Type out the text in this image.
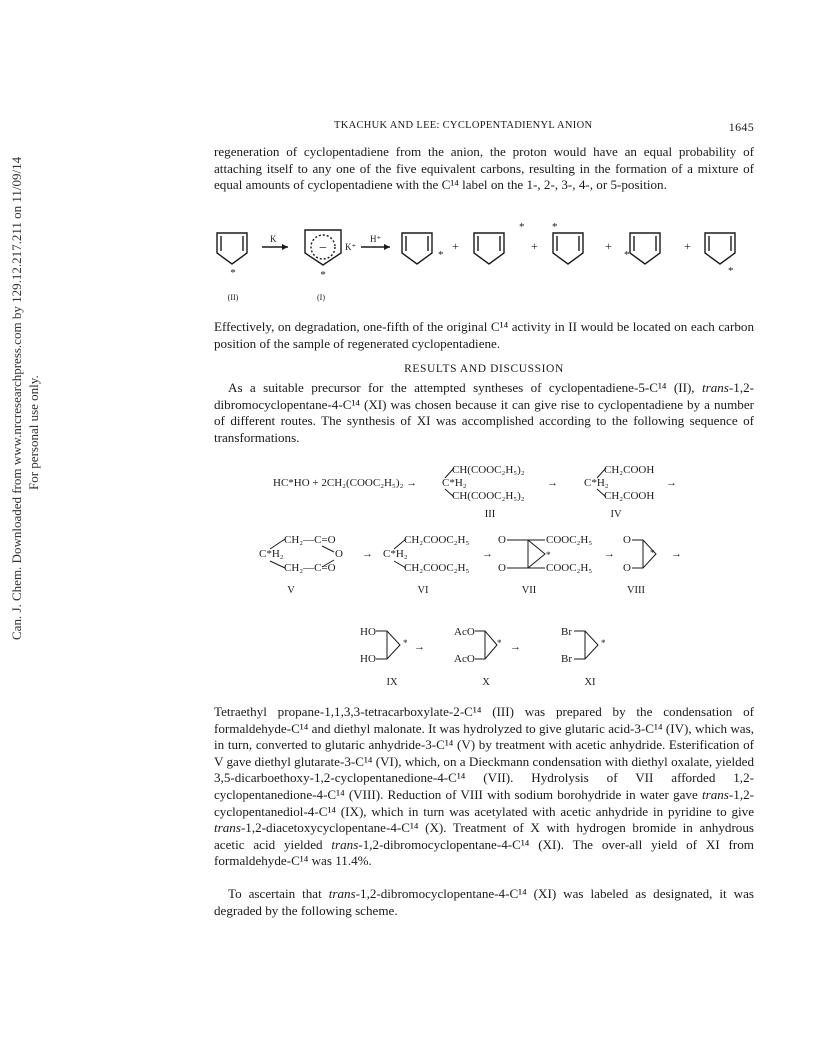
Can. J. Chem. Downloaded from www.nrcresearchpress.com by 129.12.217.211 on 11/09/14 For personal use only.
TKACHUK AND LEE: CYCLOPENTADIENYL ANION	1645

regeneration of cyclopentadiene from the anion, the proton would have an equal probability of attaching itself to any one of the five equivalent carbons, resulting in the formation of a mixture of equal amounts of cyclopentadiene with the C¹⁴ label on the 1-, 2-, 3-, 4-, or 5-position.

*	*
*
*	*
*
*
K	H⁺
K⁺
−	+	+	+	+
(II)	(I)

Effectively, on degradation, one-fifth of the original C¹⁴ activity in II would be located on each carbon position of the sample of regenerated cyclopentadiene.

RESULTS AND DISCUSSION

As a suitable precursor for the attempted syntheses of cyclopentadiene-5-C¹⁴ (II), trans-1,2-dibromocyclopentane-4-C¹⁴ (XI) was chosen because it can give rise to cyclopentadiene by a number of different routes. The synthesis of XI was accomplished according to the following sequence of transformations.

HC*HO + 2CH₂(COOC₂H₅)₂ →
CH(COOC₂H₅)₂
C*H₂
CH(COOC₂H₅)₂
→
CH₂COOH
C*H₂
CH₂COOH
→
III	IV
CH₂—C=O
C*H₂	O
CH₂—C=O
→
CH₂COOC₂H₅
C*H₂
CH₂COOC₂H₅
→
O
O
COOC₂H₅
COOC₂H₅
*	→
O
O
* →
V	VI	VII	VIII
HO
HO
* →
AcO
AcO
* →
Br
Br
*
IX	X	XI

Tetraethyl propane-1,1,3,3-tetracarboxylate-2-C¹⁴ (III) was prepared by the condensation of formaldehyde-C¹⁴ and diethyl malonate. It was hydrolyzed to give glutaric acid-3-C¹⁴ (IV), which was, in turn, converted to glutaric anhydride-3-C¹⁴ (V) by treatment with acetic anhydride. Esterification of V gave diethyl glutarate-3-C¹⁴ (VI), which, on a Dieckmann condensation with diethyl oxalate, yielded 3,5-dicarboethoxy-1,2-cyclopentanedione-4-C¹⁴ (VII). Hydrolysis of VII afforded 1,2-cyclopentanedione-4-C¹⁴ (VIII). Reduction of VIII with sodium borohydride in water gave trans-1,2-cyclopentanediol-4-C¹⁴ (IX), which in turn was acetylated with acetic anhydride in pyridine to give trans-1,2-diacetoxycyclopentane-4-C¹⁴ (X). Treatment of X with hydrogen bromide in anhydrous acetic acid yielded trans-1,2-dibromocyclopentane-4-C¹⁴ (XI). The over-all yield of XI from formaldehyde-C¹⁴ was 11.4%.

To ascertain that trans-1,2-dibromocyclopentane-4-C¹⁴ (XI) was labeled as designated, it was degraded by the following scheme.
